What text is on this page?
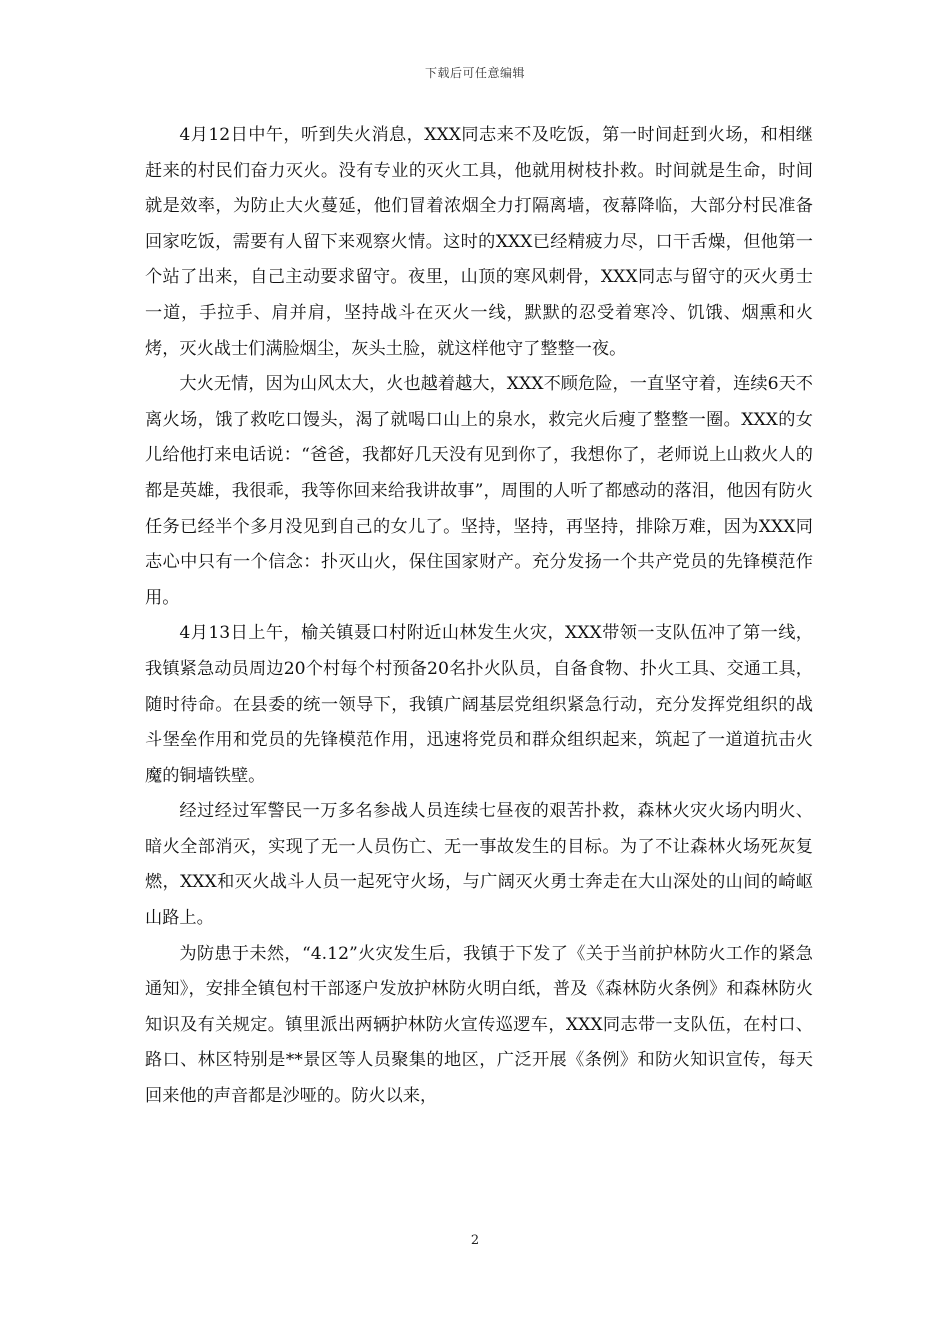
下载后可任意编辑

4月12日中午，听到失火消息，XXX同志来不及吃饭，第一时间赶到火场，和相继赶来的村民们奋力灭火。没有专业的灭火工具，他就用树枝扑救。时间就是生命，时间就是效率，为防止大火蔓延，他们冒着浓烟全力打隔离墙，夜幕降临，大部分村民准备回家吃饭，需要有人留下来观察火情。这时的XXX已经精疲力尽，口干舌燥，但他第一个站了出来，自己主动要求留守。夜里，山顶的寒风刺骨，XXX同志与留守的灭火勇士一道，手拉手、肩并肩，坚持战斗在灭火一线，默默的忍受着寒冷、饥饿、烟熏和火烤，灭火战士们满脸烟尘，灰头土脸，就这样他守了整整一夜。

大火无情，因为山风太大，火也越着越大，XXX不顾危险，一直坚守着，连续6天不离火场，饿了救吃口馒头，渴了就喝口山上的泉水，救完火后瘦了整整一圈。XXX的女儿给他打来电话说：“爸爸，我都好几天没有见到你了，我想你了，老师说上山救火人的都是英雄，我很乖，我等你回来给我讲故事”，周围的人听了都感动的落泪，他因有防火任务已经半个多月没见到自己的女儿了。坚持，坚持，再坚持，排除万难，因为XXX同志心中只有一个信念：扑灭山火，保住国家财产。充分发扬一个共产党员的先锋模范作用。

4月13日上午，榆关镇聂口村附近山林发生火灾，XXX带领一支队伍冲了第一线，我镇紧急动员周边20个村每个村预备20名扑火队员，自备食物、扑火工具、交通工具，随时待命。在县委的统一领导下，我镇广阔基层党组织紧急行动，充分发挥党组织的战斗堡垒作用和党员的先锋模范作用，迅速将党员和群众组织起来，筑起了一道道抗击火魔的铜墙铁壁。

经过经过军警民一万多名参战人员连续七昼夜的艰苦扑救，森林火灾火场内明火、暗火全部消灭，实现了无一人员伤亡、无一事故发生的目标。为了不让森林火场死灰复燃，XXX和灭火战斗人员一起死守火场，与广阔灭火勇士奔走在大山深处的山间的崎岖山路上。

为防患于未然，“4.12”火灾发生后，我镇于下发了《关于当前护林防火工作的紧急通知》，安排全镇包村干部逐户发放护林防火明白纸，普及《森林防火条例》和森林防火知识及有关规定。镇里派出两辆护林防火宣传巡逻车，XXX同志带一支队伍，在村口、路口、林区特别是**景区等人员聚集的地区，广泛开展《条例》和防火知识宣传，每天回来他的声音都是沙哑的。防火以来，

2
